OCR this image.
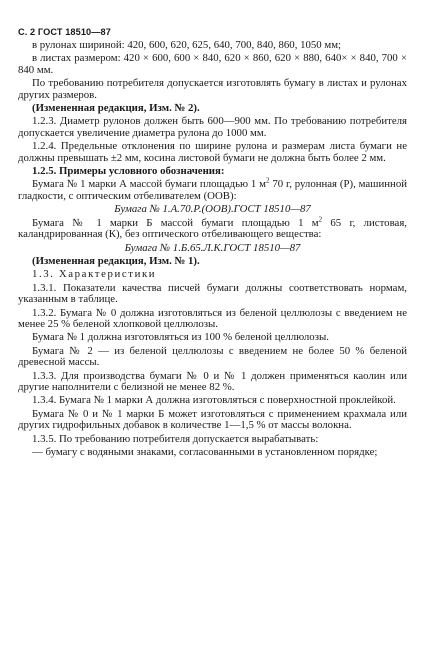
С. 2 ГОСТ 18510—87

в рулонах шириной: 420, 600, 620, 625, 640, 700, 840, 860, 1050 мм;

в листах размером: 420 × 600, 600 × 840, 620 × 860, 620 × 880, 640× × 840, 700 × 840 мм.

По требованию потребителя допускается изготовлять бумагу в листах и рулонах других размеров.

(Измененная редакция, Изм. № 2).

1.2.3. Диаметр рулонов должен быть 600—900 мм. По требованию потребителя допускается увеличение диаметра рулона до 1000 мм.

1.2.4. Предельные отклонения по ширине рулона и размерам листа бумаги не должны превышать ±2 мм, косина листовой бумаги не должна быть более 2 мм.

1.2.5. Примеры условного обозначения:

Бумага № 1 марки А массой бумаги площадью 1 $м^2$ 70 г, рулонная (Р), машинной гладкости, с оптическим отбеливателем (ООВ):

Бумага № 1.А.70.Р.(ООВ).ГОСТ 18510—87

Бумага № 1 марки Б массой бумаги площадью 1 $м^2$ 65 г, листовая, каландрированная (К), без оптического отбеливающего вещества:

Бумага № 1.Б.65.Л.К.ГОСТ 18510—87

(Измененная редакция, Изм. № 1).

1.3. Характеристики

1.3.1. Показатели качества писчей бумаги должны соответствовать нормам, указанным в таблице.

1.3.2. Бумага № 0 должна изготовляться из беленой целлюлозы с введением не менее 25 % беленой хлопковой целлюлозы.

Бумага № 1 должна изготовляться из 100 % беленой целлюлозы.

Бумага № 2 — из беленой целлюлозы с введением не более 50 % беленой древесной массы.

1.3.3. Для производства бумаги № 0 и № 1 должен применяться каолин или другие наполнители с белизной не менее 82 %.

1.3.4. Бумага № 1 марки А должна изготовляться с поверхностной проклейкой.

Бумага № 0 и № 1 марки Б может изготовляться с применением крахмала или других гидрофильных добавок в количестве 1—1,5 % от массы волокна.

1.3.5. По требованию потребителя допускается вырабатывать:

— бумагу с водяными знаками, согласованными в установленном порядке;
